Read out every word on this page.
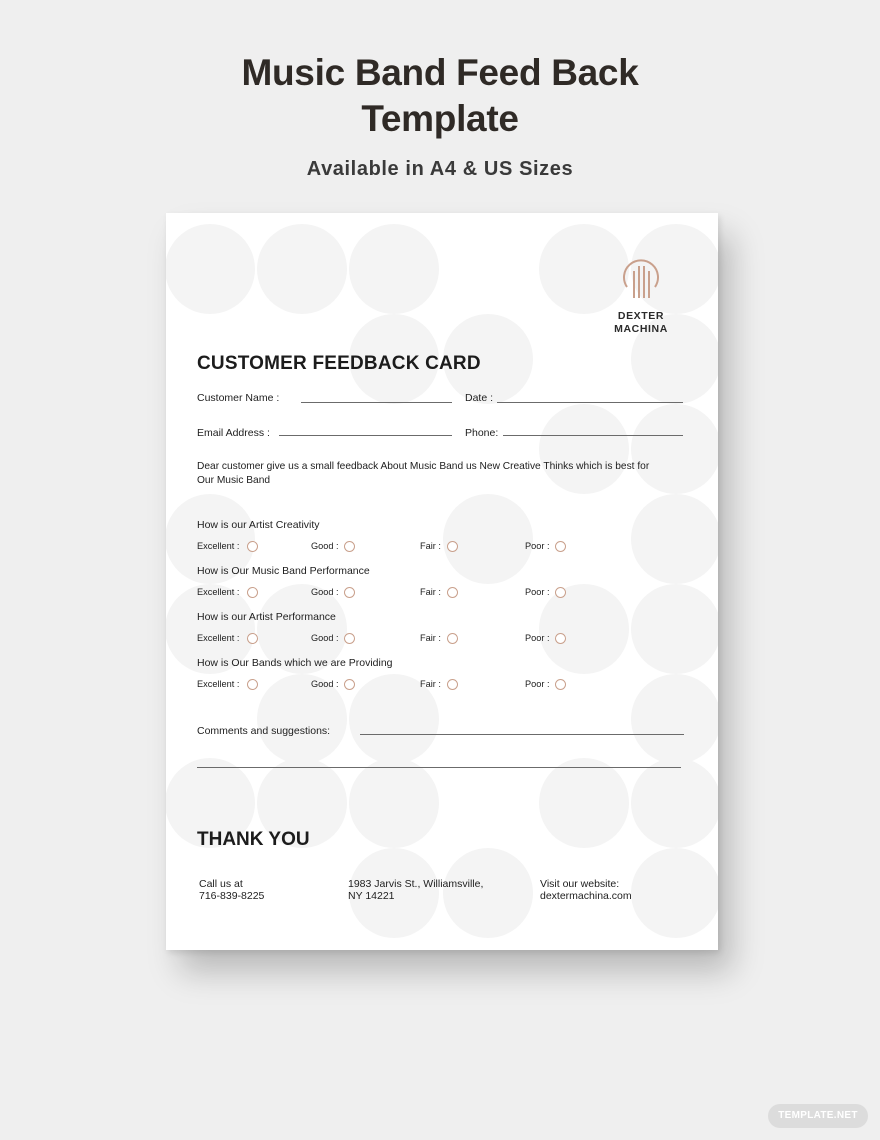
Music Band Feed Back
Template
Available in A4 & US Sizes
DEXTER
MACHINA
CUSTOMER FEEDBACK CARD
Customer Name :	Date :
Email Address :	Phone:
Dear customer give us a small feedback About Music Band us New Creative Thinks which is best for Our Music Band
How is our Artist Creativity
Excellent :	Good :	Fair :	Poor :
How is Our Music Band Performance
Excellent :	Good :	Fair :	Poor :
How is our Artist Performance
Excellent :	Good :	Fair :	Poor :
How is Our Bands which we are Providing
Excellent :	Good :	Fair :	Poor :
Comments and suggestions:
THANK YOU
Call us at
716-839-8225
1983 Jarvis St., Williamsville,
NY 14221
Visit our website:
dextermachina.com
TEMPLATE.NET
